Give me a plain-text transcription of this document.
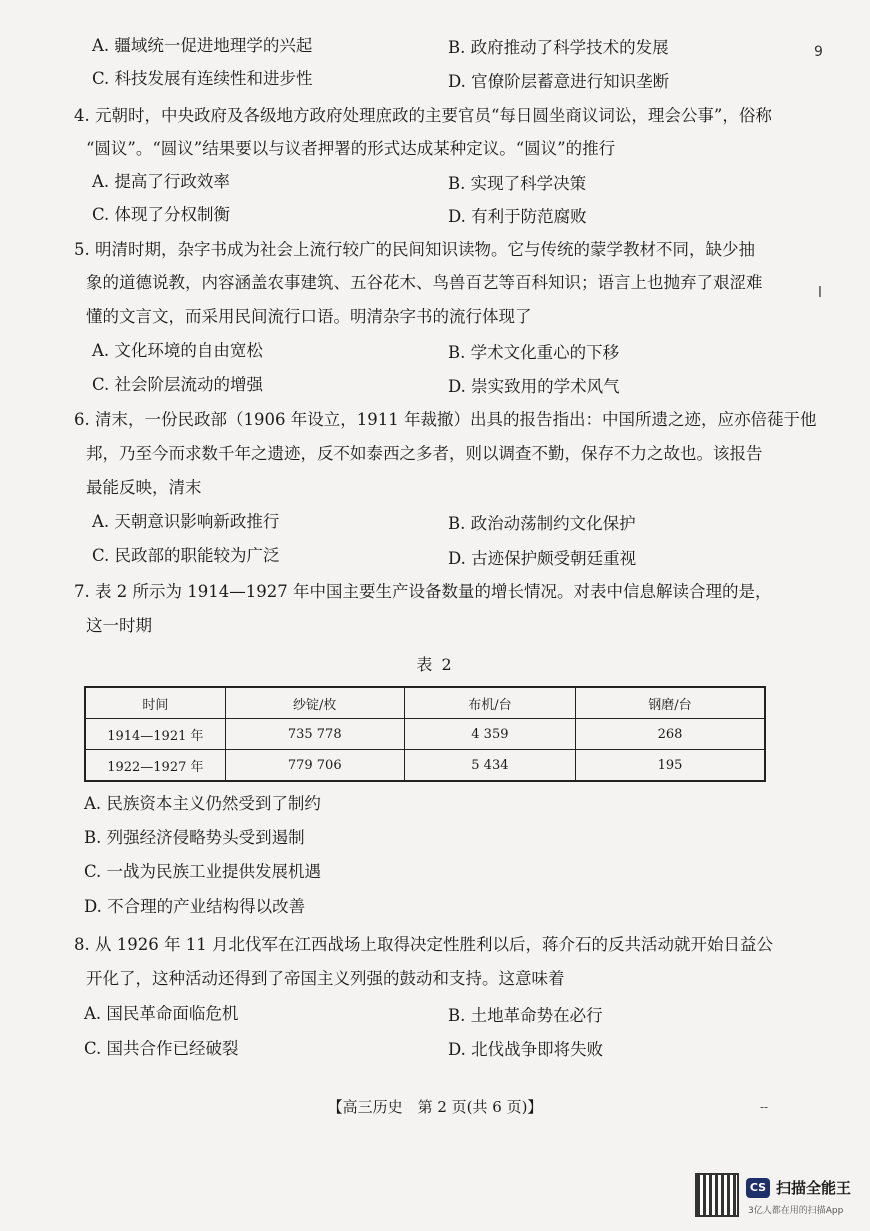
A. 疆域统一促进地理学的兴起	B. 政府推动了科学技术的发展
C. 科技发展有连续性和进步性	D. 官僚阶层蓄意进行知识垄断
9
4. 元朝时，中央政府及各级地方政府处理庶政的主要官员“每日圆坐商议词讼，理会公事”，俗称
“圆议”。“圆议”结果要以与议者押署的形式达成某种定议。“圆议”的推行
A. 提高了行政效率	B. 实现了科学决策
C. 体现了分权制衡	D. 有利于防范腐败
5. 明清时期，杂字书成为社会上流行较广的民间知识读物。它与传统的蒙学教材不同，缺少抽
象的道德说教，内容涵盖农事建筑、五谷花木、鸟兽百艺等百科知识；语言上也抛弃了艰涩难
懂的文言文，而采用民间流行口语。明清杂字书的流行体现了
l
A. 文化环境的自由宽松	B. 学术文化重心的下移
C. 社会阶层流动的增强	D. 崇实致用的学术风气
6. 清末，一份民政部（1906 年设立，1911 年裁撤）出具的报告指出：中国所遗之迹，应亦倍蓰于他
邦，乃至今而求数千年之遗迹，反不如泰西之多者，则以调查不勤，保存不力之故也。该报告
最能反映，清末
A. 天朝意识影响新政推行	B. 政治动荡制约文化保护
C. 民政部的职能较为广泛	D. 古迹保护颇受朝廷重视
7. 表 2 所示为 1914—1927 年中国主要生产设备数量的增长情况。对表中信息解读合理的是，
这一时期
表 2
时间	纱锭/枚	布机/台	钢磨/台
1914—1921 年	735 778	4 359	268
1922—1927 年	779 706	5 434	195
A. 民族资本主义仍然受到了制约
B. 列强经济侵略势头受到遏制
C. 一战为民族工业提供发展机遇
D. 不合理的产业结构得以改善
8. 从 1926 年 11 月北伐军在江西战场上取得决定性胜利以后，蒋介石的反共活动就开始日益公
开化了，这种活动还得到了帝国主义列强的鼓动和支持。这意味着
A. 国民革命面临危机	B. 土地革命势在必行
C. 国共合作已经破裂	D. 北伐战争即将失败
【高三历史　第 2 页(共 6 页)】	--
CS 扫描全能王
3亿人都在用的扫描App
